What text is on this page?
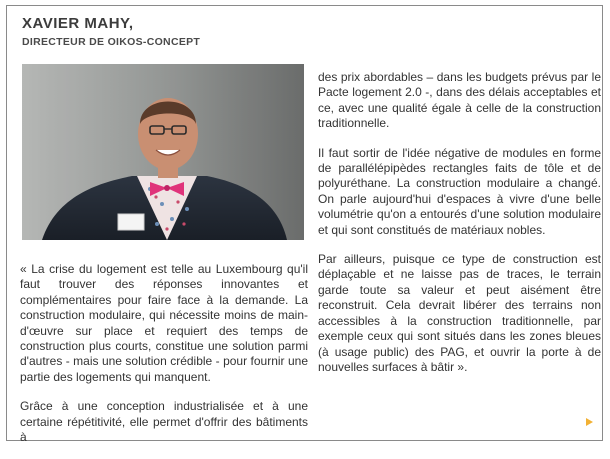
XAVIER MAHY,
DIRECTEUR DE OIKOS-CONCEPT

« La crise du logement est telle au Luxembourg qu'il faut trouver des réponses innovantes et complémentaires pour faire face à la demande. La construction modulaire, qui nécessite moins de main-d'œuvre sur place et requiert des temps de construction plus courts, constitue une solution parmi d'autres - mais une solution crédible - pour fournir une partie des logements qui manquent.

Grâce à une conception industrialisée et à une certaine répétitivité, elle permet d'offrir des bâtiments à

des prix abordables – dans les budgets prévus par le Pacte logement 2.0 -, dans des délais acceptables et ce, avec une qualité égale à celle de la construction traditionnelle.

Il faut sortir de l'idée négative de modules en forme de parallélépipèdes rectangles faits de tôle et de polyuréthane. La construction modulaire a changé. On parle aujourd'hui d'espaces à vivre d'une belle volumétrie qu'on a entourés d'une solution modulaire et qui sont constitués de matériaux nobles.

Par ailleurs, puisque ce type de construction est déplaçable et ne laisse pas de traces, le terrain garde toute sa valeur et peut aisément être reconstruit. Cela devrait libérer des terrains non accessibles à la construction traditionnelle, par exemple ceux qui sont situés dans les zones bleues (à usage public) des PAG, et ouvrir la porte à de nouvelles surfaces à bâtir ».
